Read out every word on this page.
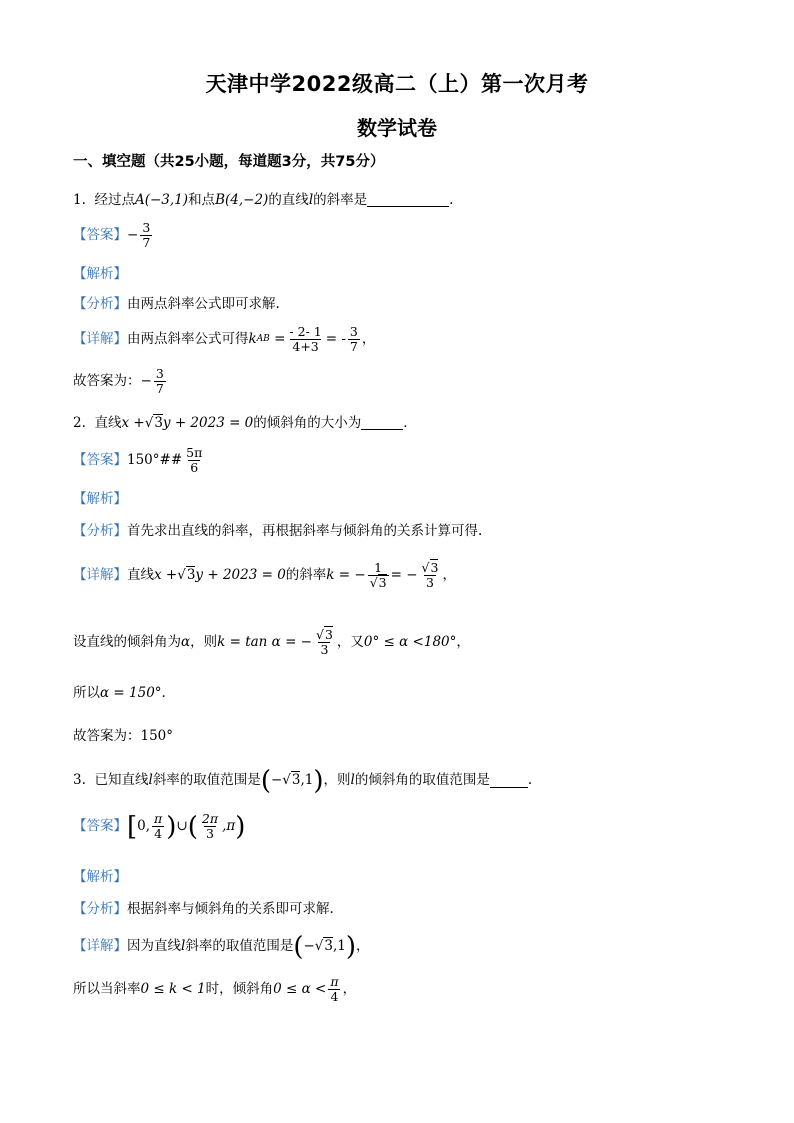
天津中学2022级高二（上）第一次月考
数学试卷
一、填空题（共25小题，每道题3分，共75分）
1.
经过点 A(−3,1) 和点 B(4,−2) 的直线 l 的斜率是	.
【答案】 − $\frac{3}{7}$
【解析】
【分析】 由两点斜率公式即可求解.
【详解】 由两点斜率公式可得 k AB
= $\frac{- 2- 1}{4+3}$ = - $\frac{3}{7}$ ，
故答案为：− $\frac{3}{7}$
2.
直线 x + √3 y + 2023 = 0 的倾斜角的大小为	．
【答案】 150°## $\frac{5\pi}{6}$
【解析】
【分析】 首先求出直线的斜率，再根据斜率与倾斜角的关系计算可得.
【详解】 直线 x + √3 y + 2023 = 0 的斜率 k = − $\frac{1}{√3}$ = − $\frac{√3}{3}$ ，
设直线的倾斜角为 α ，则 k = tan α = − $\frac{√3}{3}$ ，又 0° ≤ α <180° ，
所以 α = 150° .
故答案为：150°
3.
已知直线 l 斜率的取值范围是 ( − √3 ,1 ) ，则 l 的倾斜角的取值范围是	.
【答案】 [ 0, $\frac{\pi}{4}$ ) ∪ ( $\frac{2\pi}{3} ,\pi$ )
【解析】
【分析】 根据斜率与倾斜角的关系即可求解.
【详解】 因为直线 l 斜率的取值范围是 ( − √3 ,1 ) ，
所以当斜率 0 ≤ k < 1 时，倾斜角 $0 \le \alpha < \frac{\pi}{4}$ ，
